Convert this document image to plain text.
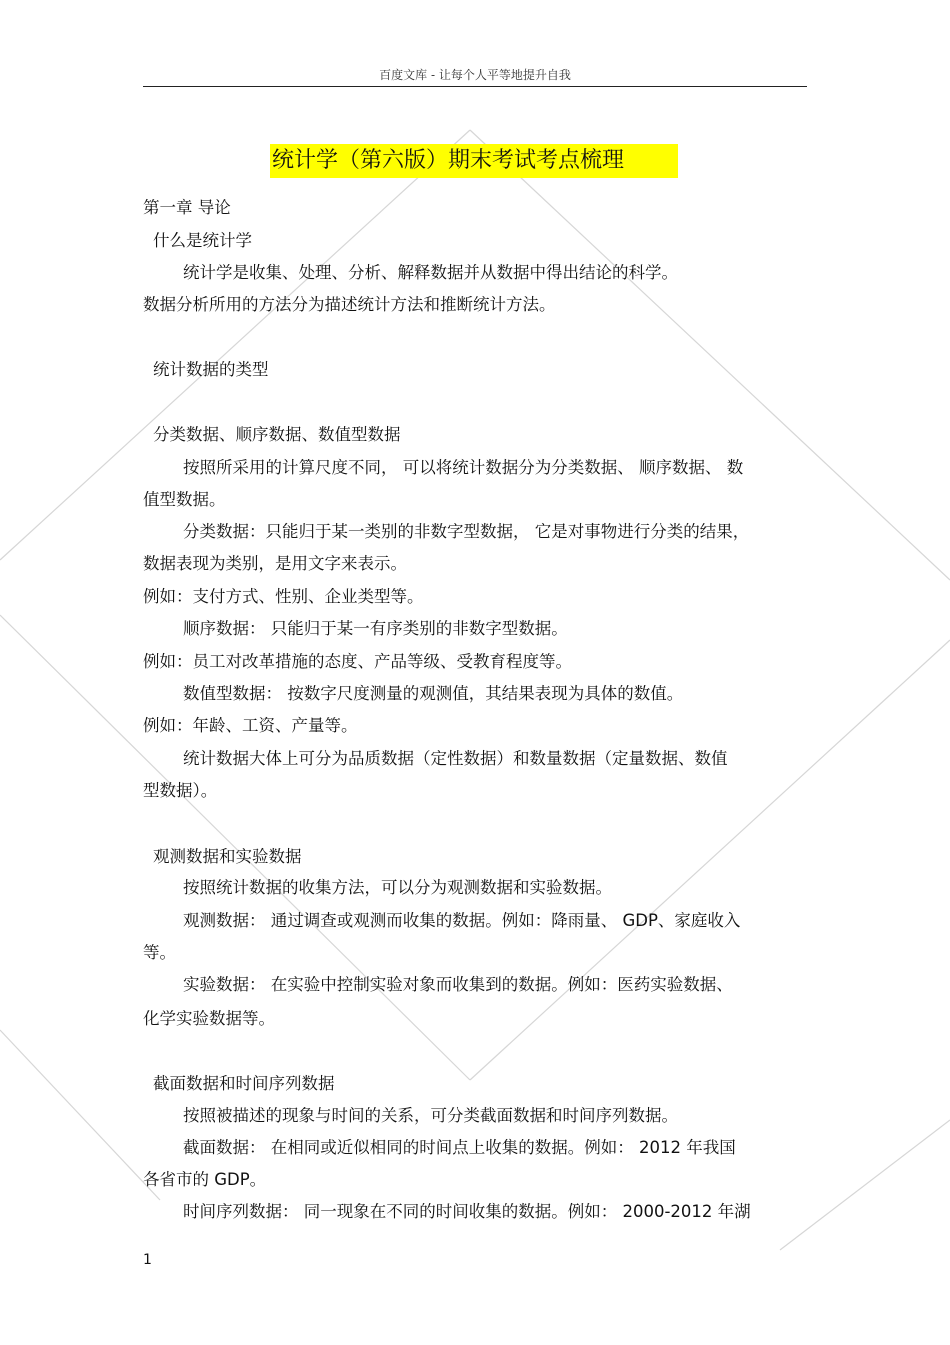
百度文库 - 让每个人平等地提升自我
统计学（第六版）期末考试考点梳理
第一章 导论
什么是统计学
统计学是收集、处理、分析、解释数据并从数据中得出结论的科学。
数据分析所用的方法分为描述统计方法和推断统计方法。
统计数据的类型
分类数据、顺序数据、数值型数据
按照所采用的计算尺度不同， 可以将统计数据分为分类数据、 顺序数据、 数
值型数据。
分类数据：只能归于某一类别的非数字型数据， 它是对事物进行分类的结果，
数据表现为类别，是用文字来表示。
例如：支付方式、性别、企业类型等。
顺序数据： 只能归于某一有序类别的非数字型数据。
例如：员工对改革措施的态度、产品等级、受教育程度等。
数值型数据： 按数字尺度测量的观测值，其结果表现为具体的数值。
例如：年龄、工资、产量等。
统计数据大体上可分为品质数据（定性数据）和数量数据（定量数据、数值
型数据）。
观测数据和实验数据
按照统计数据的收集方法，可以分为观测数据和实验数据。
观测数据： 通过调查或观测而收集的数据。例如：降雨量、 GDP、家庭收入
等。
实验数据： 在实验中控制实验对象而收集到的数据。例如：医药实验数据、
化学实验数据等。
截面数据和时间序列数据
按照被描述的现象与时间的关系，可分类截面数据和时间序列数据。
截面数据： 在相同或近似相同的时间点上收集的数据。例如： 2012 年我国
各省市的 GDP。
时间序列数据： 同一现象在不同的时间收集的数据。例如： 2000-2012 年湖
1
